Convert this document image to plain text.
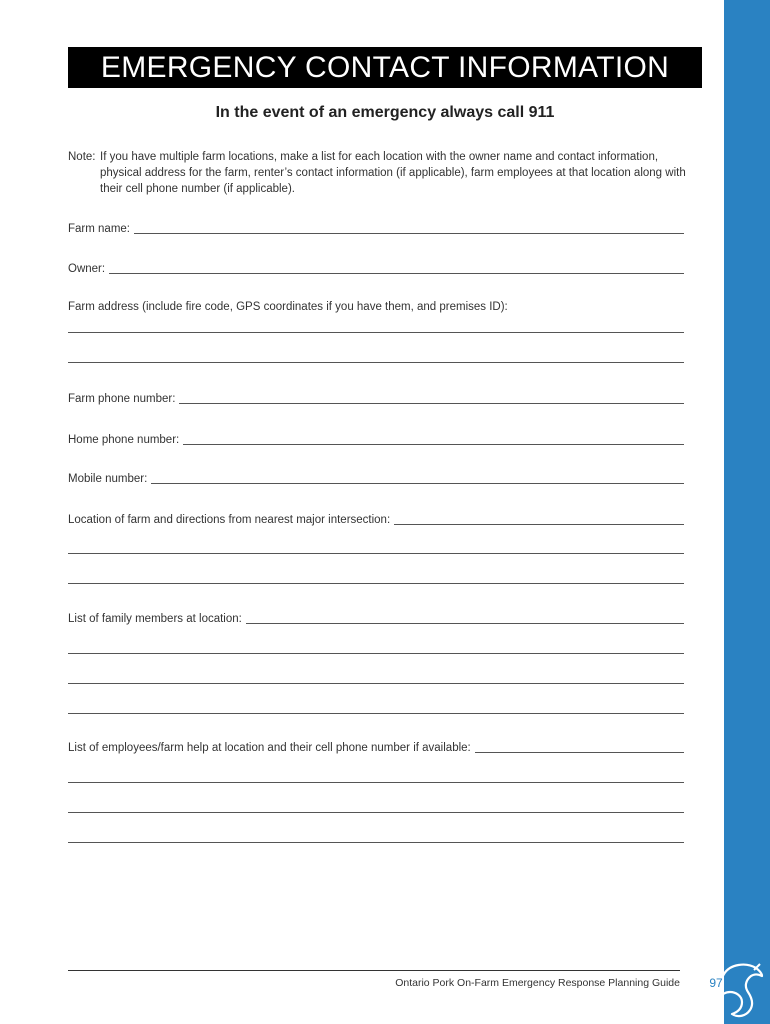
EMERGENCY CONTACT INFORMATION
In the event of an emergency always call 911
Note: If you have multiple farm locations, make a list for each location with the owner name and contact information, physical address for the farm, renter’s contact information (if applicable), farm employees at that location along with their cell phone number (if applicable).
Farm name:
Owner:
Farm address (include fire code, GPS coordinates if you have them, and premises ID):
Farm phone number:
Home phone number:
Mobile number:
Location of farm and directions from nearest major intersection:
List of family members at location:
List of employees/farm help at location and their cell phone number if available:
Ontario Pork On-Farm Emergency Response Planning Guide	97
